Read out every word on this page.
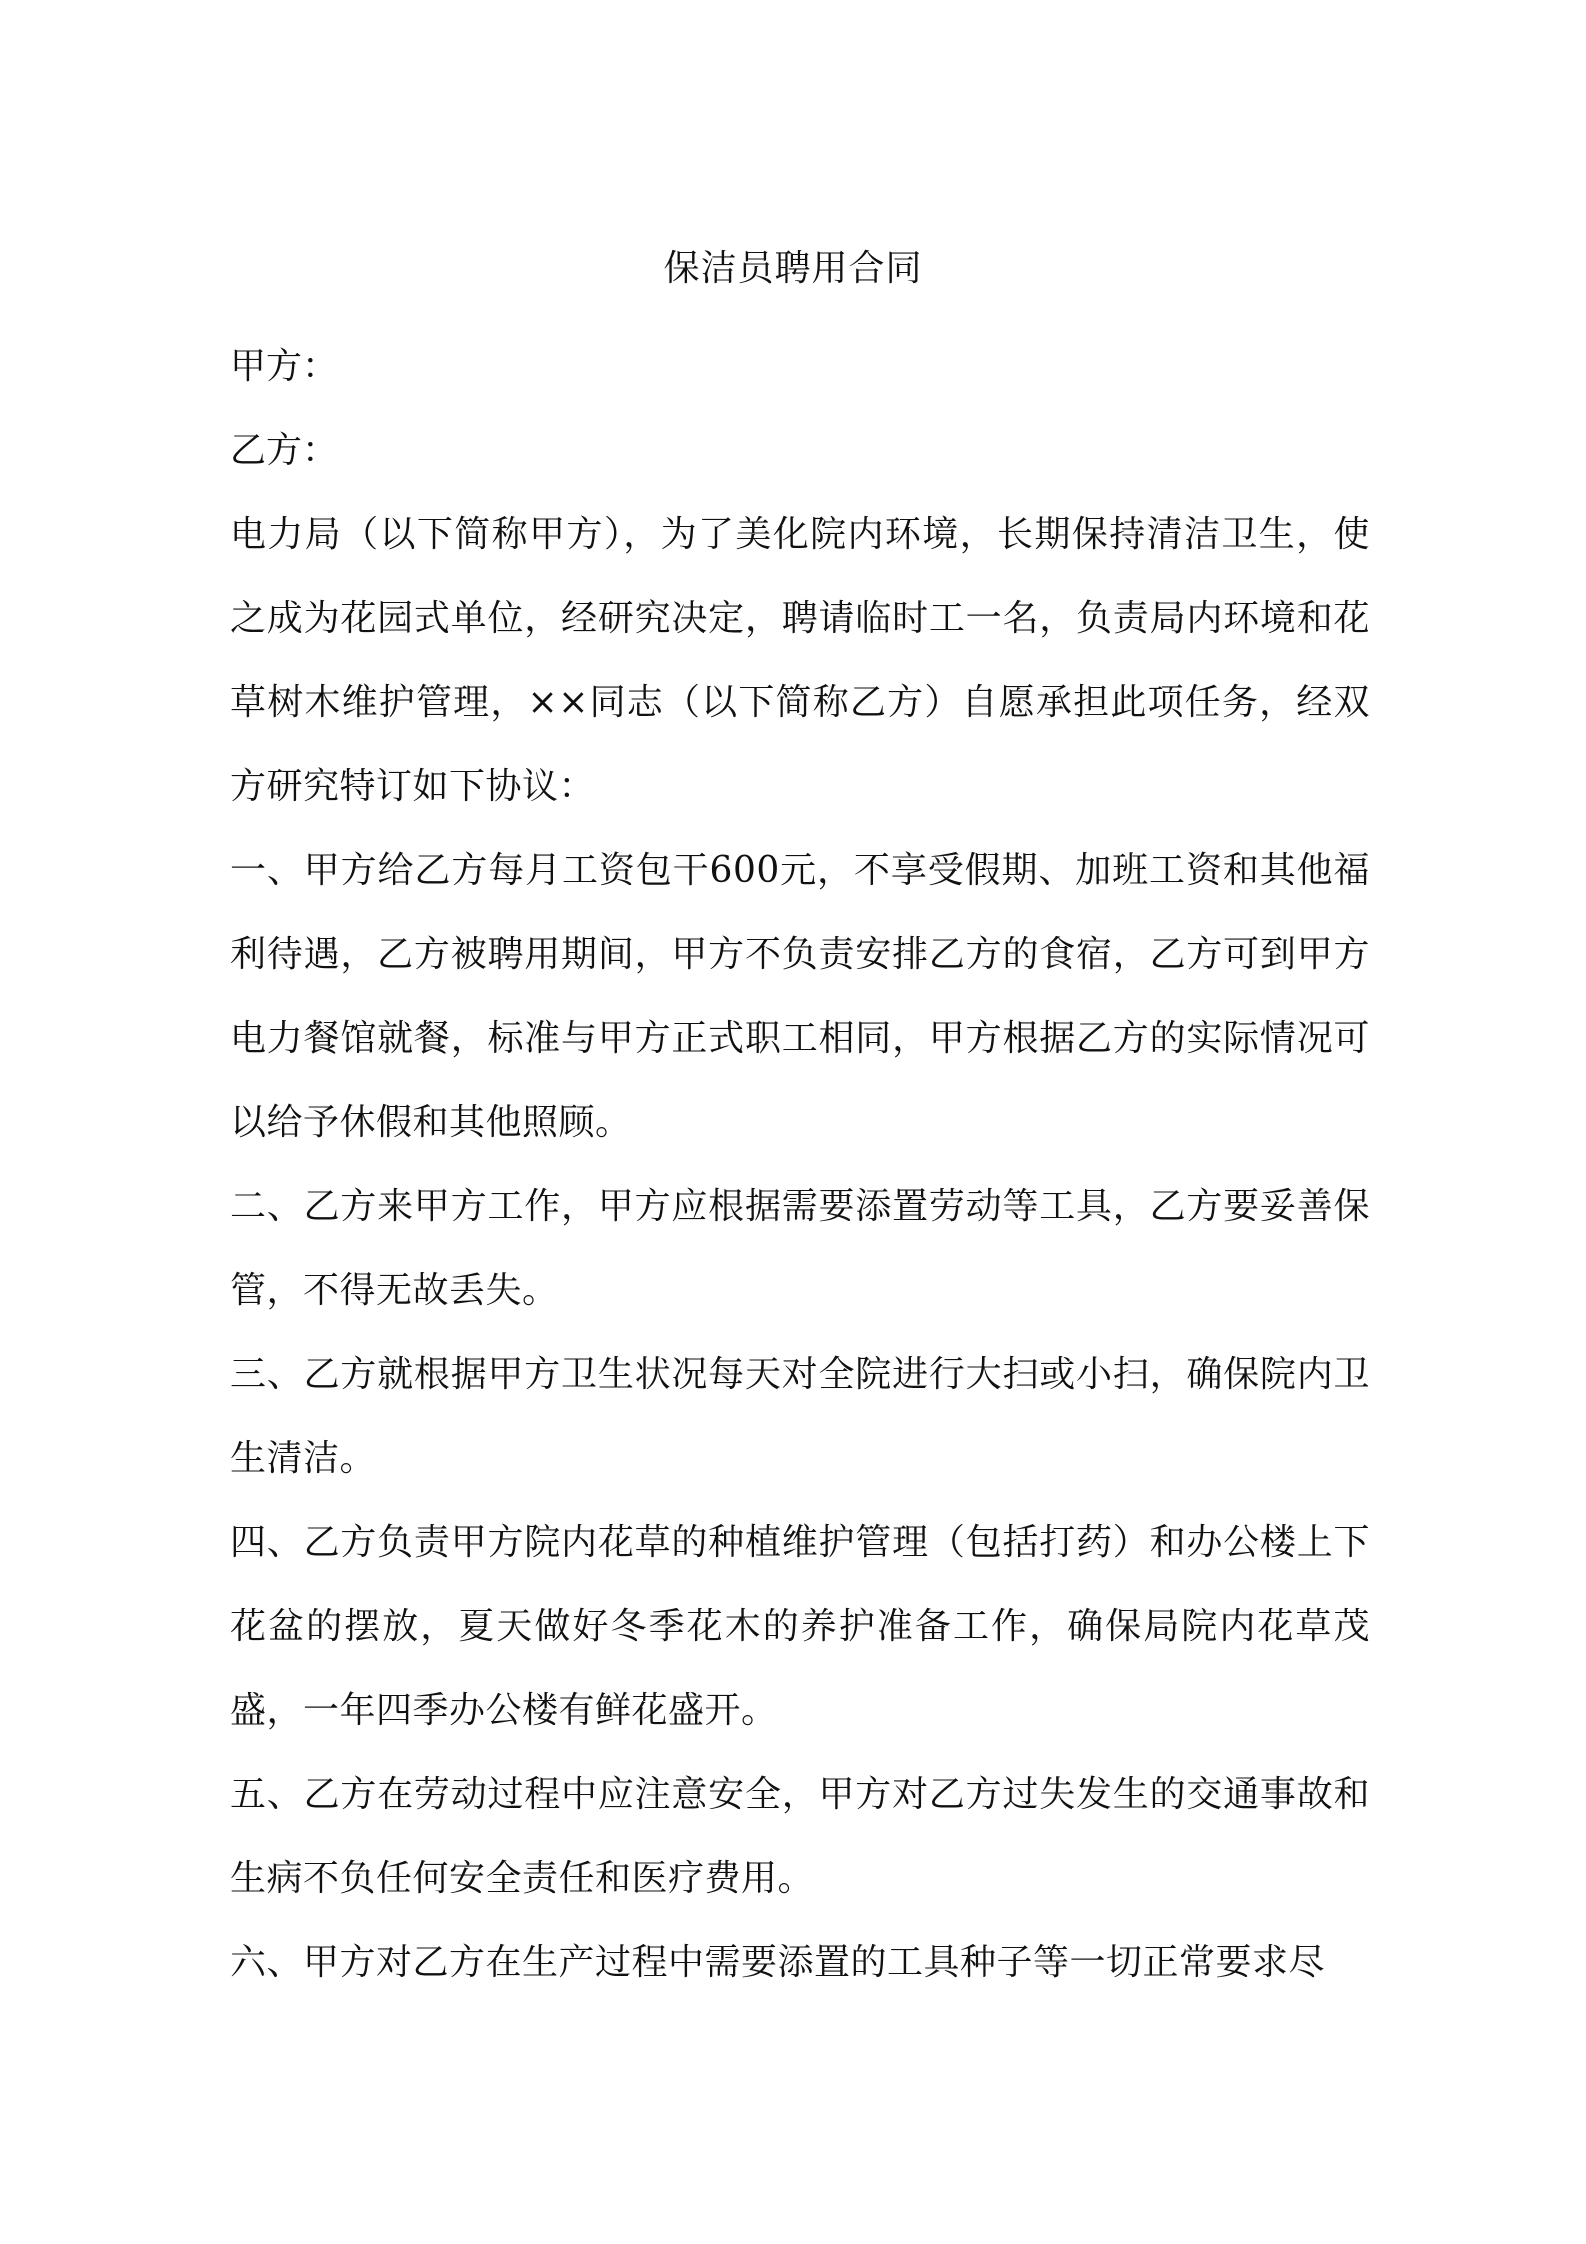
保洁员聘用合同

甲方：

乙方：

电力局（以下简称甲方），为了美化院内环境，长期保持清洁卫生，使之成为花园式单位，经研究决定，聘请临时工一名，负责局内环境和花草树木维护管理，××同志（以下简称乙方）自愿承担此项任务，经双方研究特订如下协议：

一、甲方给乙方每月工资包干600元，不享受假期、加班工资和其他福利待遇，乙方被聘用期间，甲方不负责安排乙方的食宿，乙方可到甲方电力餐馆就餐，标准与甲方正式职工相同，甲方根据乙方的实际情况可以给予休假和其他照顾。

二、乙方来甲方工作，甲方应根据需要添置劳动等工具，乙方要妥善保管，不得无故丢失。

三、乙方就根据甲方卫生状况每天对全院进行大扫或小扫，确保院内卫生清洁。

四、乙方负责甲方院内花草的种植维护管理（包括打药）和办公楼上下花盆的摆放，夏天做好冬季花木的养护准备工作，确保局院内花草茂盛，一年四季办公楼有鲜花盛开。

五、乙方在劳动过程中应注意安全，甲方对乙方过失发生的交通事故和生病不负任何安全责任和医疗费用。

六、甲方对乙方在生产过程中需要添置的工具种子等一切正常要求尽
